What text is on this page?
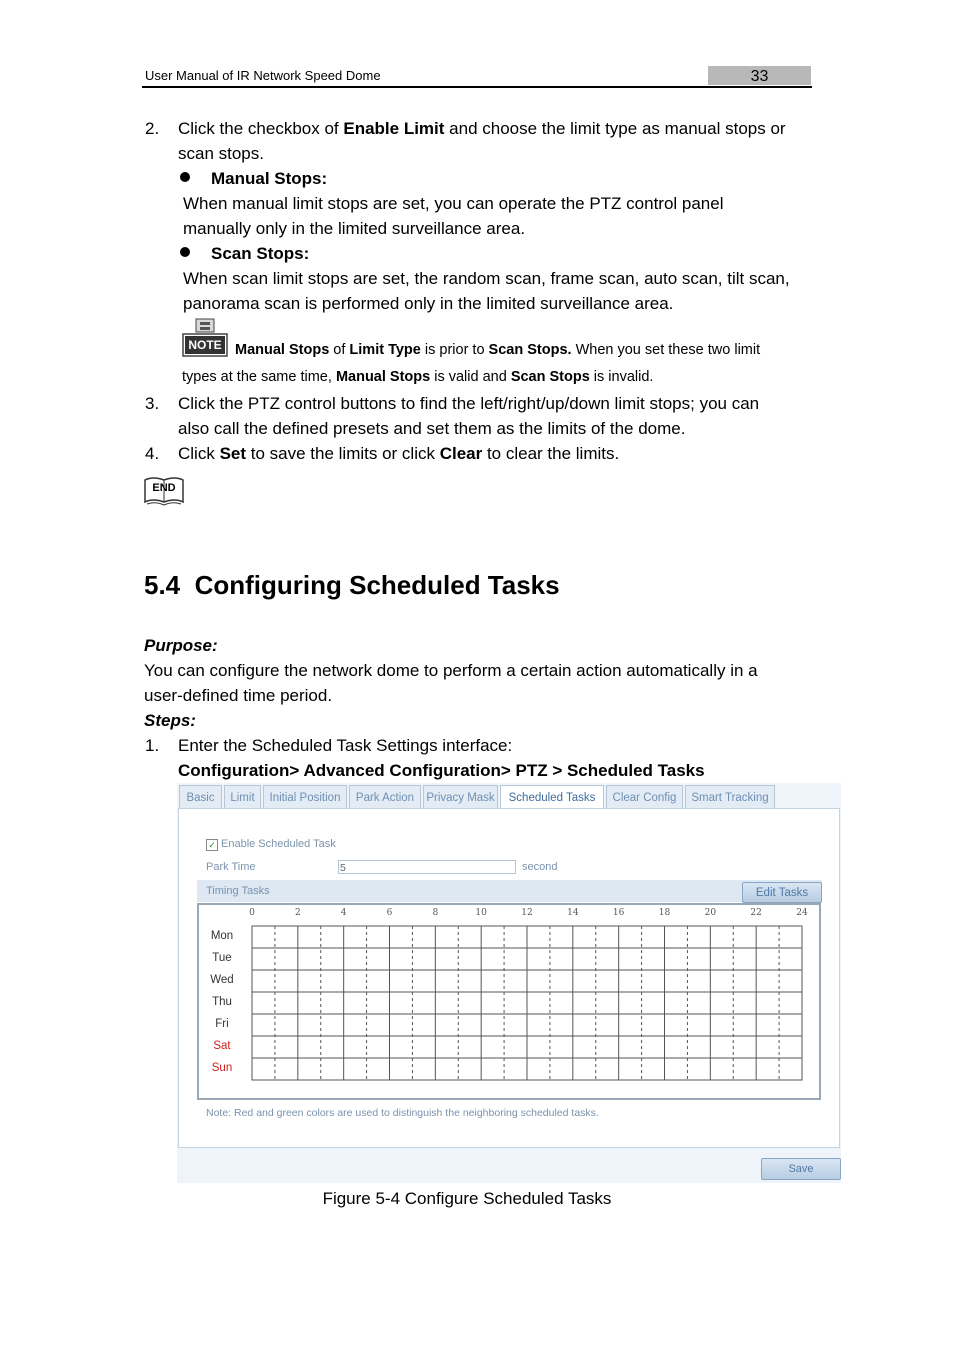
User Manual of IR Network Speed Dome	33
2.	Click the checkbox of Enable Limit and choose the limit type as manual stops or
scan stops.
Manual Stops:
When manual limit stops are set, you can operate the PTZ control panel
manually only in the limited surveillance area.
Scan Stops:
When scan limit stops are set, the random scan, frame scan, auto scan, tilt scan,
panorama scan is performed only in the limited surveillance area.
NOTE Manual Stops of Limit Type is prior to Scan Stops. When you set these two limit
types at the same time, Manual Stops is valid and Scan Stops is invalid.
3.	Click the PTZ control buttons to find the left/right/up/down limit stops; you can
also call the defined presets and set them as the limits of the dome.
4.	Click Set to save the limits or click Clear to clear the limits.
END
5.4  Configuring Scheduled Tasks
Purpose:
You can configure the network dome to perform a certain action automatically in a
user-defined time period.
Steps:
1.	Enter the Scheduled Task Settings interface:
Configuration> Advanced Configuration> PTZ > Scheduled Tasks
Basic	Limit	Initial Position	Park Action	Privacy Mask	Scheduled Tasks	Clear Config	Smart Tracking
✓ Enable Scheduled Task
Park Time	5	second
Timing Tasks	Edit Tasks
0	2	4	6	8	10	12	14	16	18	20	22	24
Mon
Tue
Wed
Thu
Fri
Sat
Sun
Note: Red and green colors are used to distinguish the neighboring scheduled tasks.
Save
Figure 5-4 Configure Scheduled Tasks
